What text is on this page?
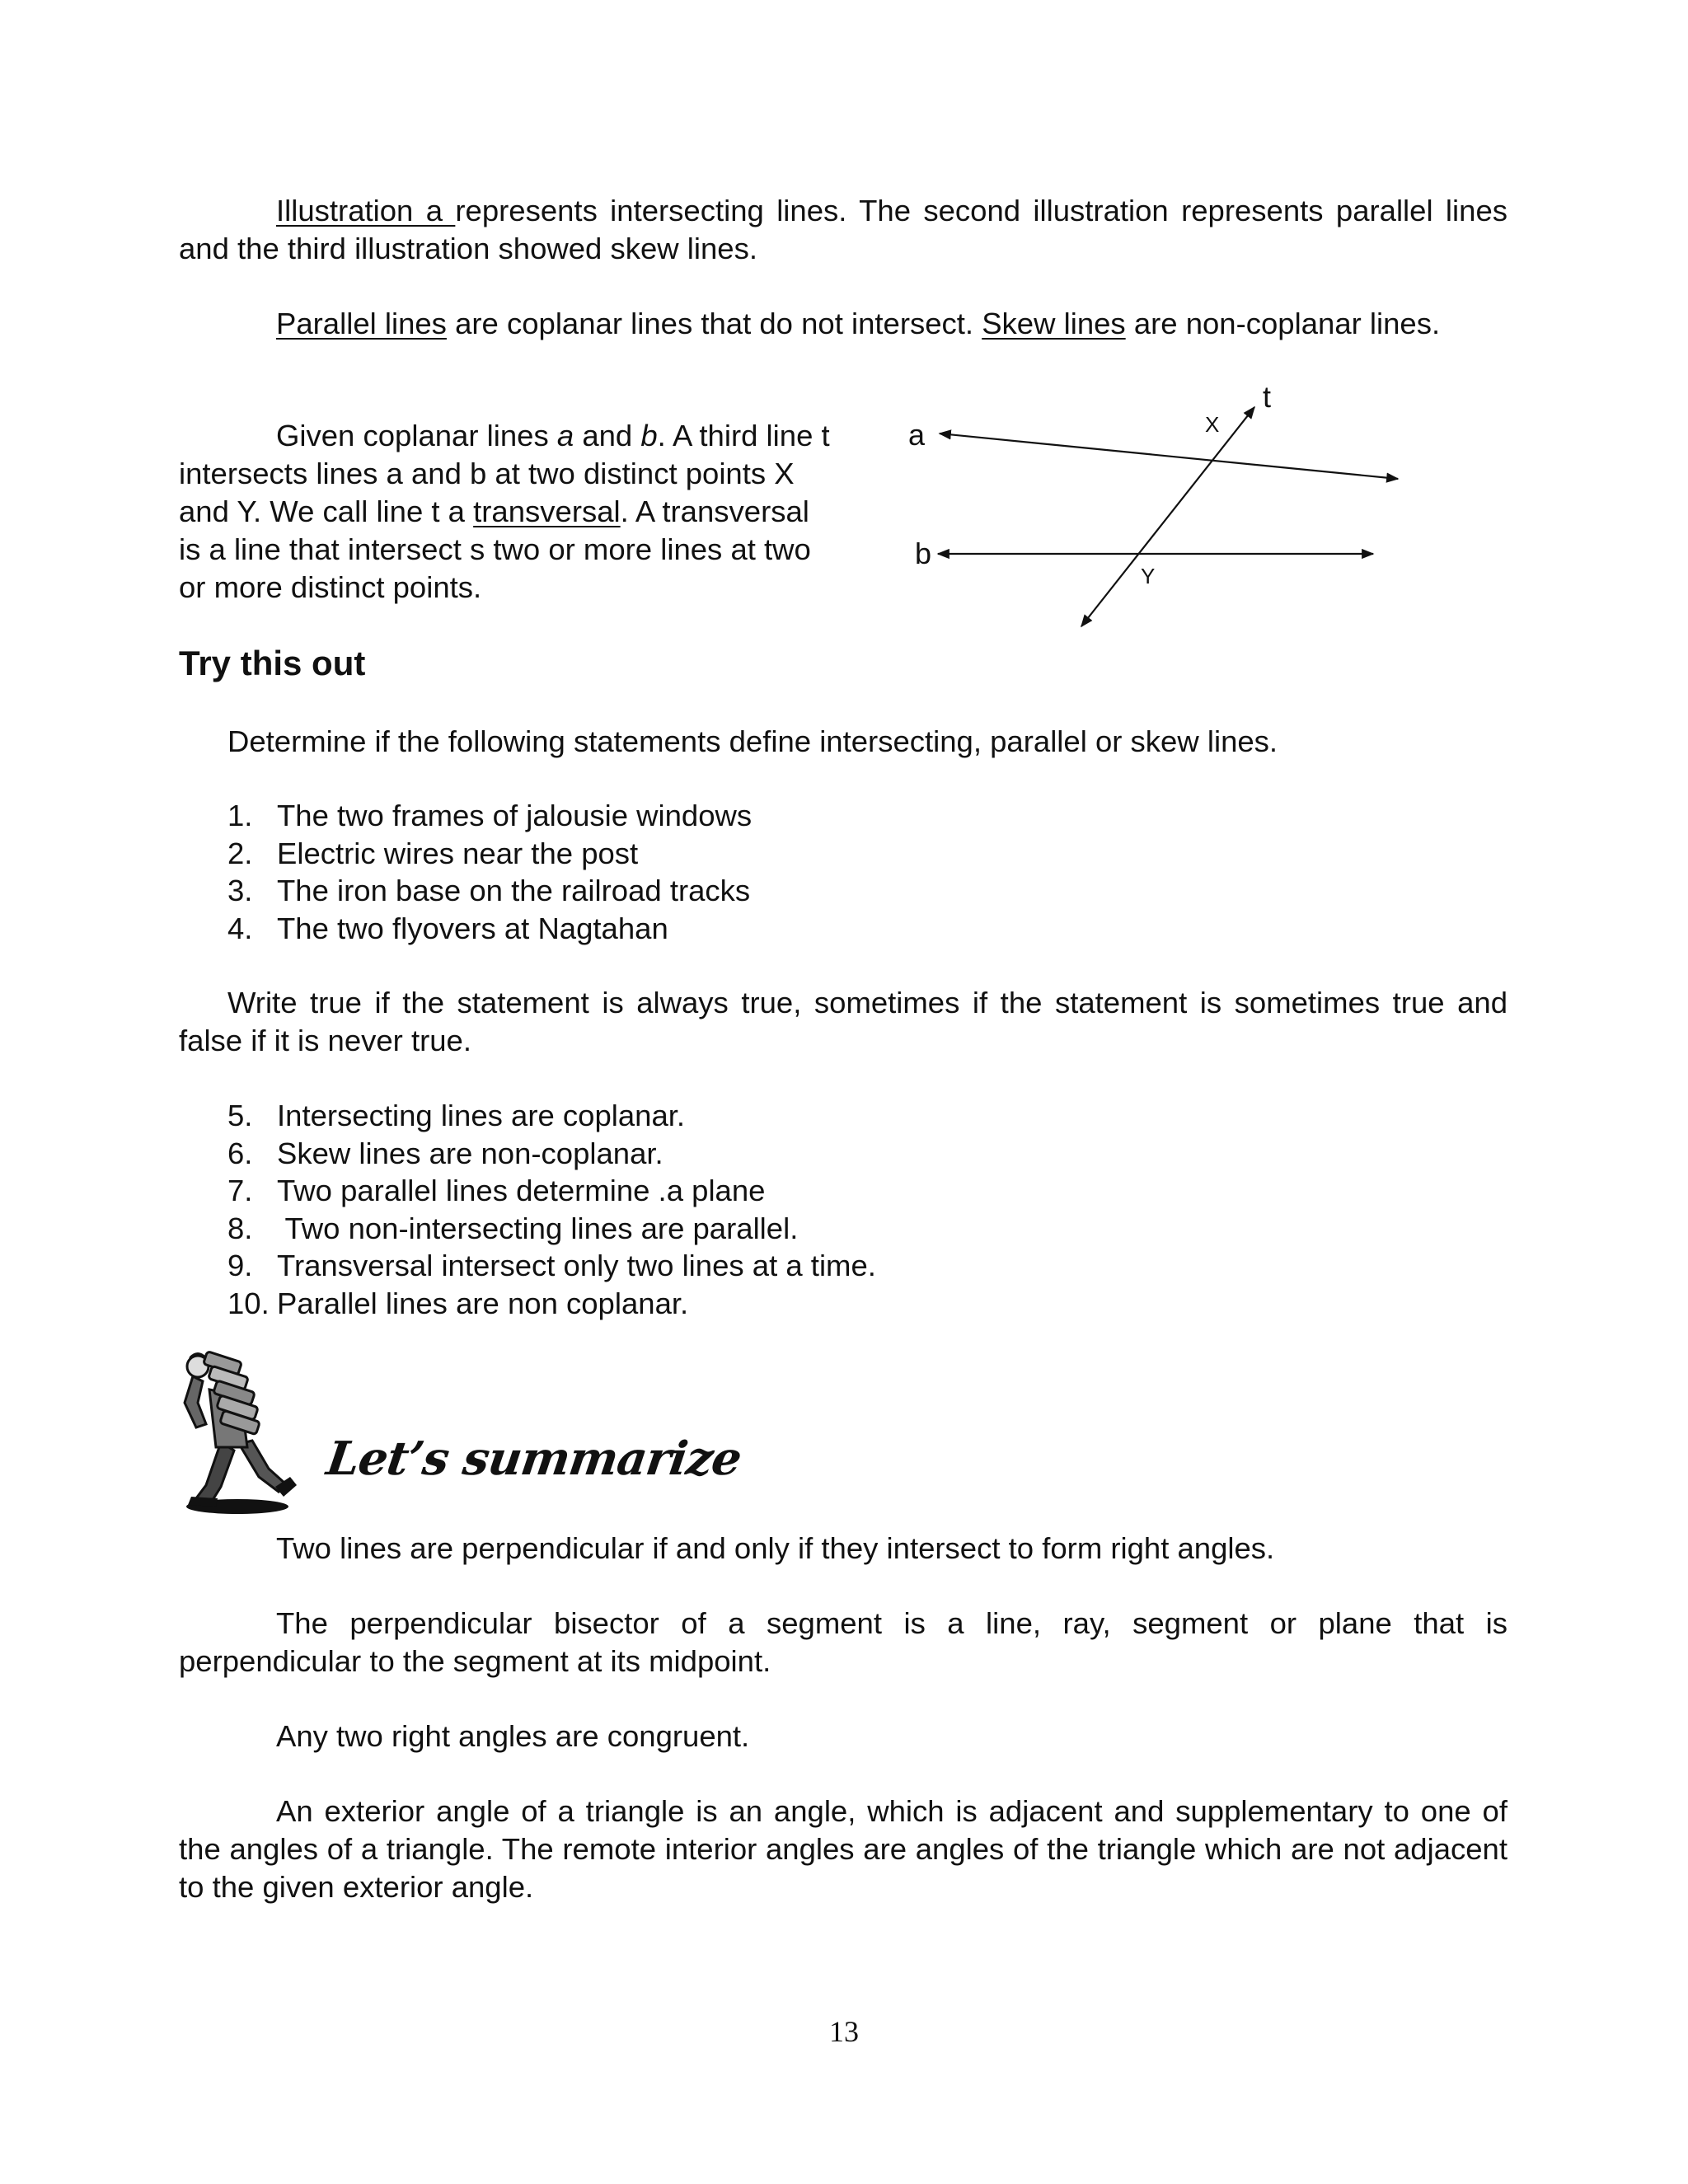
Illustration a represents intersecting lines. The second illustration represents parallel lines and the third illustration showed skew lines.

Parallel lines are coplanar lines that do not intersect. Skew lines are non-coplanar lines.

Given coplanar lines a and b. A third line t intersects lines a and b at two distinct points X and Y. We call line t a transversal. A transversal is a line that intersect s two or more lines at two or more distinct points.

a
b
t
X
Y
Try this out

Determine if the following statements define intersecting, parallel or skew lines.

1. The two frames of jalousie windows
2. Electric wires near the post
3. The iron base on the railroad tracks
4. The two flyovers at Nagtahan

Write true if the statement is always true, sometimes if the statement is sometimes true and false if it is never true.

5. Intersecting lines are coplanar.
6. Skew lines are non-coplanar.
7. Two parallel lines determine .a plane
8. Two non-intersecting lines are parallel.
9. Transversal intersect only two lines at a time.
10. Parallel lines are non coplanar.
Let’s summarize

Two lines are perpendicular if and only if they intersect to form right angles.

The perpendicular bisector of a segment is a line, ray, segment or plane that is perpendicular to the segment at its midpoint.

Any two right angles are congruent.

An exterior angle of a triangle is an angle, which is adjacent and supplementary to one of the angles of a triangle. The remote interior angles are angles of the triangle which are not adjacent to the given exterior angle.

13
